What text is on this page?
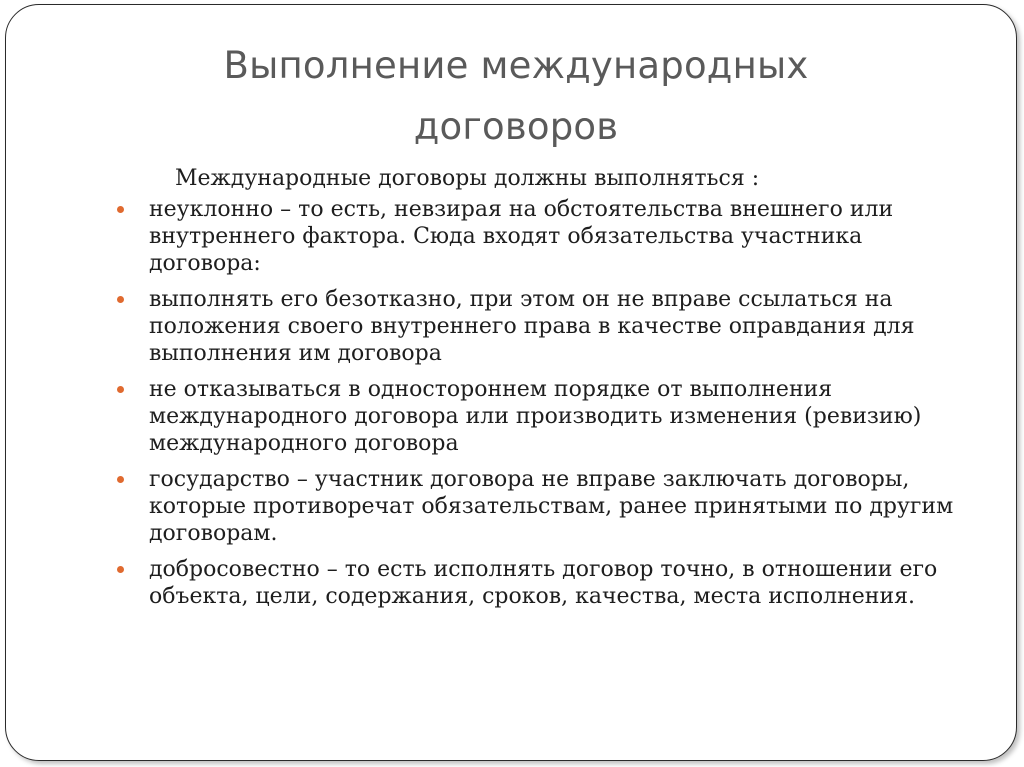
Выполнение международных
договоров

Международные договоры должны выполняться :

неуклонно – то есть, невзирая на обстоятельства внешнего или внутреннего фактора. Сюда входят обязательства участника договора:
выполнять его безотказно, при этом он не вправе ссылаться на положения своего внутреннего права в качестве оправдания для выполнения им договора
не отказываться в одностороннем порядке от выполнения международного договора или производить изменения (ревизию) международного договора
государство – участник договора не вправе заключать договоры, которые противоречат обязательствам, ранее принятыми по другим договорам.
добросовестно – то есть исполнять договор точно, в отношении его объекта, цели, содержания, сроков, качества, места исполнения.
